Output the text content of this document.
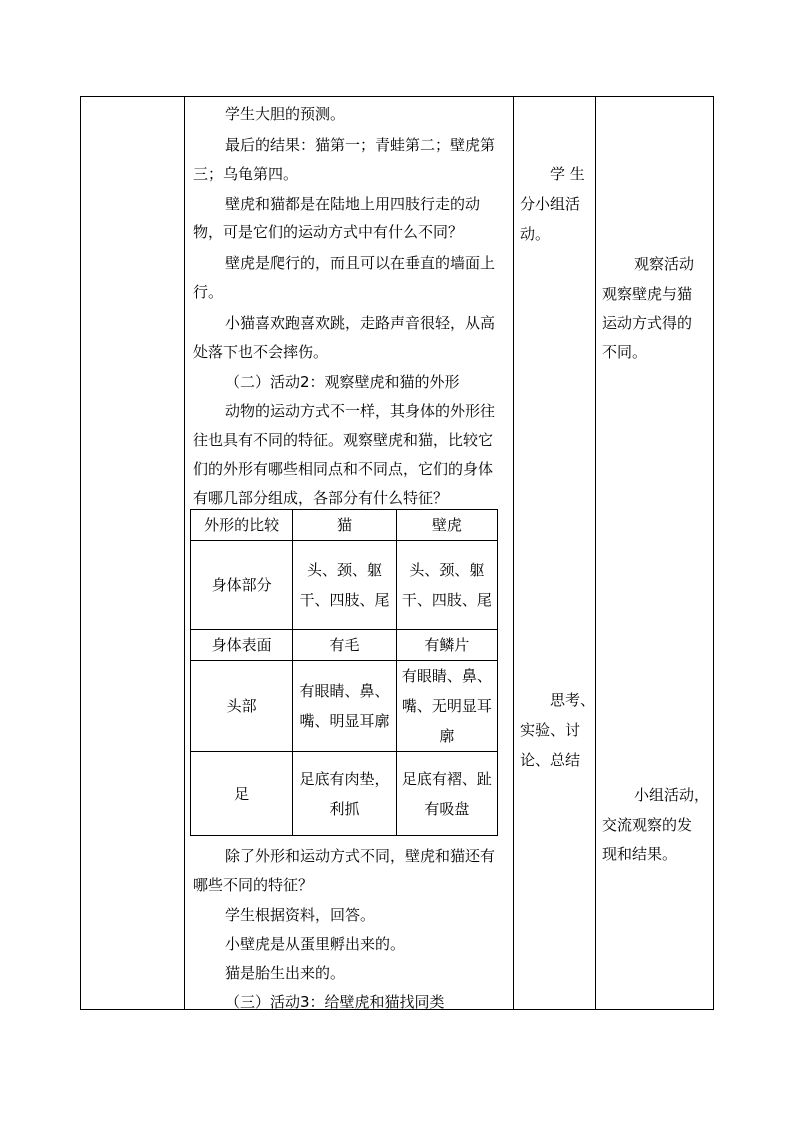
学生大胆的预测。
最后的结果：猫第一；青蛙第二；壁虎第
三；乌龟第四。
壁虎和猫都是在陆地上用四肢行走的动
物，可是它们的运动方式中有什么不同？
壁虎是爬行的，而且可以在垂直的墙面上
行。
小猫喜欢跑喜欢跳，走路声音很轻，从高
处落下也不会摔伤。
（二）活动2：观察壁虎和猫的外形
动物的运动方式不一样，其身体的外形往
往也具有不同的特征。观察壁虎和猫，比较它
们的外形有哪些相同点和不同点，它们的身体
有哪几部分组成，各部分有什么特征？
除了外形和运动方式不同，壁虎和猫还有
哪些不同的特征？
学生根据资料，回答。
小壁虎是从蛋里孵出来的。
猫是胎生出来的。
（三）活动3：给壁虎和猫找同类
学 生
分小组活
动。
思考、
实验、讨
论、总结
观察活动
观察壁虎与猫
运动方式得的
不同。
小组活动，
交流观察的发
现和结果。
外形的比较	猫	壁虎
身体部分	头、颈、躯干、四肢、尾	头、颈、躯干、四肢、尾
身体表面	有毛	有鳞片
头部	有眼睛、鼻、嘴、明显耳廓	有眼睛、鼻、嘴、无明显耳廓
足	足底有肉垫，利抓	足底有褶、趾有吸盘
